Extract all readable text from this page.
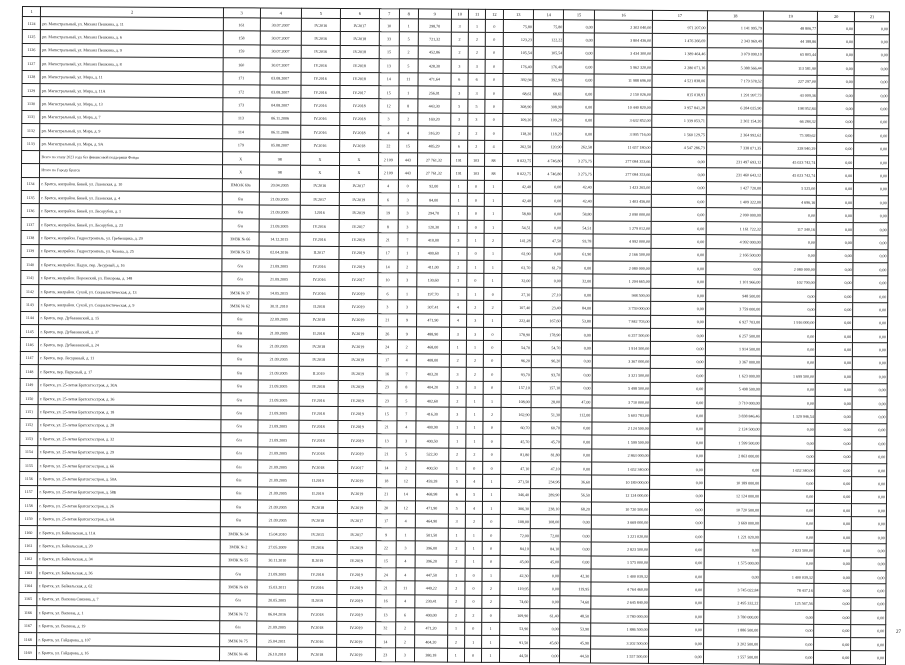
1	2	3	4	5	6	7	8	9	10	11	12	13	14	15	16	17	18	19	20	21
1124	рп. Магистральный, ул. Михаил Пешкина, д. 11	161	30.07.2007	IV.2016	IV.2017	10	1	298,70	3	1	0	75,80	75,80	0,00	2 302 040,00	971 207,00	1 141 995,79	48 806,77	0,00	0,00
1125	рп. Магистральный, ул. Михаил Пешкина, д. 6	158	30.07.2007	IV.2016	IV.2018	33	5	721,32	2	2	0	123,23	122,22	0,00	3 804 436,00	1 476 266,69	2 343 969,49	44 188,86	0,00	0,00
1126	рп. Магистральный, ул. Михаил Пешкина, д. 9	159	30.07.2007	IV.2016	IV.2018	15	2	452,86	2	2	0	105,54	105,54	0,00	3 434 300,00	1 389 464,46	3 079 090,10	65 805,44	0,00	0,00
1127	рп. Магистральный, ул. Михаил Пешкина, д. 8	160	30.07.2007	IV.2016	IV.2018	13	5	428,30	3	3	0	176,40	176,40	0,00	5 962 320,00	2 280 071,16	5 388 566,44	113 581,90	0,00	0,00
1128	рп. Магистральный, ул. Мира, д. 11	171	03.08.2007	IV.2016	IV.2018	14	11	471,64	6	6	0	392,94	392,94	0,00	11 988 696,00	4 521 838,06	7 179 578,52	227 297,00	0,00	0,00
1129	рп. Магистральный, ул. Мира, д. 11А	172	03.08.2007	IV.2016	IV.2017	15	1	256,01	3	3	0	68,61	68,61	0,00	2 150 026,00	815 018,91	1 291 997,73	43 009,36	0,00	0,00
1130	рп. Магистральный, ул. Мира, д. 13	173	04.08.2007	IV.2016	IV.2018	12	8	443,30	5	5	0	308,90	308,90	0,00	10 440 820,00	3 957 841,28	6 284 025,90	198 952,84	0,00	0,00
1131	рп. Магистральный, ул. Мира, д. 7	113	06.11.2006	IV.2016	IV.2018	3	2	169,20	3	3	0	109,20	109,20	0,00	3 632 852,00	1 339 053,71	2 302 154,20	66 284,32	0,00	0,00
1132	рп. Магистральный, ул. Мира, д. 9	114	06.11.2006	IV.2016	IV.2018	4	4	316,20	2	2	0	118,20	118,20	0,00	3 995 716,00	1 560 129,75	2 364 992,62	75 389,62	0,00	0,00
1133	рп. Магистральный, ул. Мира, д. 9А	179	05.08.2007	IV.2016	IV.2018	22	15	485,29	6	2	4	262,50	120,90	262,58	11 657 180,00	4 547 286,73	7 338 071,35	228 940,29	0,00	0,00
	Всего по этапу 2023 года без финансовой поддержки Фонда	Х	98	Х	Х	2 109	443	27 761,32	191	103	88	8 022,75	4 746,80	3 275,75	277 084 353,66	0,00	231 497 693,12	45 023 742,74	0,00	0,00
	Итого по Городу Братск	Х	98	Х	Х	2 109	443	27 761,32	191	103	88	8 022,75	4 746,80	3 275,75	277 084 353,66	0,00	231 460 643,12	45 023 742,74	0,00	0,00
1134	г. Братск, жилрайон. Бикей, ул. Лазовская, д. 10	ПМО/К 69а	20.04.2005	IV.2016	IV.2017	4	0	92,00	1	0	1	42,40	0,00	42,40	1 423 265,00	0,00	1 427 720,00	5 525,00	0,00	0,00
1135	г. Братск, жилрайон. Бикей, ул. Лазовская, д. 4	б/н	21.09.2005	IV.2017	IV.2019	6	3	84,00	1	0	1	42,40	0,00	42,40	1 403 456,00	0,00	1 409 322,00	4 696,16	0,00	0,00
1136	г. Братск, жилрайон. Бикей, ул. Лесорубов, д. 1	б/н	21.09.2005	I.2016	IV.2019	19	3	294,70	1	0	1	58,80	0,00	58,80	2 090 000,00	0,00	2 090 000,00	0,00	0,00	0,00
1137	г. Братск, жилрайон. Бикей, ул. Лесорубов, д. 23	б/н	21.09.2005	IV.2016	IV.2017	8	3	120,30	1	0	1	54,51	0,00	54,51	1 279 012,00	0,00	1 161 722,32	117 340,16	0,00	0,00
1138	г. Братск, жилрайон. Гидростроитель, ул. Гребенщика, д. 29	ЗМЗК № 66	14.12.2015	IV.2016	IV.2019	21	7	410,00	3	1	2	141,28	47,50	93,78	4 992 000,00	0,00	4 992 000,00	0,00	0,00	0,00
1139	г. Братск, жилрайон. Гидростроитель, ул. Чехова, д. 25	ЗМЗК № 53	02.04.2016	II.2017	IV.2019	17	1	400,60	1	0	1	61,90	0,00	61,90	2 166 500,00	0,00	2 166 500,00	0,00	0,00	0,00
1140	г. Братск, жилрайон. Падун, пер. Лесурный, д. 16	б/н	21.09.2005	IV.2016	IV.2019	14	2	411,00	2	1	1	61,70	61,70	0,00	2 080 000,00	0,00	0,00	2 080 000,00	0,00	0,00
1141	г. Братск, жилрайон. Порожский, ул. Пихорова, д. 148	б/н	21.09.2005	IV.2016	IV.2017	10	3	130,60	1	0	1	32,00	0,00	32,00	1 204 665,00	0,00	1 101 966,00	102 700,00	0,00	0,00
1142	г. Братск, жилрайон. Сухой, ул. Социалистическая, д. 13	ЗМЗК № 37	14.05.2015	IV.2016	IV.2019	6	1	197,70	1	1	0	27,10	27,10	0,00	948 500,00	0,00	948 500,00	0,00	0,00	0,00
1143	г. Братск, жилрайон. Сухой, ул. Социалистическая, д. 9	ЗМЗК № 62	30.11.2010	II.2018	IV.2019	3	3	307,41	4	2	2	107,40	23,40	84,00	3 759 000,00	0,00	3 759 000,00	0,00	0,00	0,00
1144	г. Братск, пер. Дубынинский, д. 15	б/н	22.09.2005	IV.2018	IV.2019	21	9	471,90	4	3	1	222,40	167,60	53,80	7 842 703,00	0,00	6 927 703,00	1 916 000,00	0,00	0,00
1145	г. Братск, пер. Дубынинский, д. 37	б/н	21.09.2005	II.2018	IV.2019	26	9	488,90	3	3	0	178,90	178,90	0,00	6 257 500,00	0,00	6 257 500,00	0,00	0,00	0,00
1146	г. Братск, пер. Дубынинский, д. 24	б/н	21.09.2005	IV.2018	IV.2019	24	2	468,00	1	1	0	54,70	54,70	0,00	1 914 500,00	0,00	1 914 500,00	0,00	0,00	0,00
1147	г. Братск, пер. Лесуриный, д. 11	б/н	21.09.2005	IV.2018	IV.2019	17	4	408,00	2	2	0	96,20	96,20	0,00	3 367 000,00	0,00	3 367 000,00	0,00	0,00	0,00
1148	г. Братск, пер. Парусный, д. 17	б/н	21.09.2005	II.2019	IV.2019	16	7	403,20	3	2	0	93,70	93,70	0,00	3 321 500,00	0,00	1 623 000,00	1 699 500,00	0,00	0,00
1149	г. Братск, ул. 25-летия Братскгэсстроя, д. 30А	б/н	21.09.2005	IV.2018	IV.2019	23	8	404,20	3	3	0	157,10	157,10	0,00	5 498 500,00	0,00	5 498 500,00	0,00	0,00	0,00
1150	г. Братск, ул. 25-летия Братскгэсстроя, д. 36	б/н	21.09.2005	IV.2016	IV.2019	23	5	402,60	2	1	1	108,00	28,00	47,00	3 710 000,00	0,00	3 710 000,00	0,00	0,00	0,00
1151	г. Братск, ул. 25-летия Братскгэсстроя, д. 18	б/н	21.09.2005	IV.2018	IV.2019	15	7	416,30	3	1	2	162,90	51,30	112,00	5 603 783,00	0,00	3 838 846,46	1 329 946,54	0,00	0,00
1152	г. Братск, ул. 25-летия Братскгэсстроя, д. 28	б/н	21.09.2005	IV.2018	IV.2019	21	4	400,90	1	1	0	60,70	60,70	0,00	2 124 500,00	0,00	2 124 500,00	0,00	0,00	0,00
1153	г. Братск, ул. 25-летия Братскгэсстроя, д. 32	б/н	21.09.2005	IV.2018	IV.2019	13	3	400,50	1	1	0	45,70	45,70	0,00	1 599 500,00	0,00	1 599 500,00	0,00	0,00	0,00
1154	г. Братск, ул. 25-летия Братскгэсстроя, д. 29	б/н	21.09.2005	IV.2018	IV.2019	21	5	522,30	2	2	0	81,80	81,80	0,00	2 863 000,00	0,00	2 863 000,00	0,00	0,00	0,00
1155	г. Братск, ул. 25-летия Братскгэсстроя, д. 66	б/н	21.09.2005	IV.2018	IV.2017	14	2	400,50	1	0	0	47,10	47,10	0,00	1 652 340,00	0,00	0,00	1 652 340,00	0,00	0,00
1156	г. Братск, ул. 25-летия Братскгэсстроя, д. 50А	б/н	21.09.2005	II.2019	IV.2019	18	12	459,28	5	4	1	271,50	234,96	36,60	10 189 000,00	0,00	10 189 000,00	0,00	0,00	0,00
1157	г. Братск, ул. 25-летия Братскгэсстроя, д. 58Б	б/н	21.09.2005	II.2019	IV.2019	21	14	468,98	6	5	1	346,40	289,90	56,50	12 124 000,00	0,00	12 124 000,00	0,00	0,00	0,00
1158	г. Братск, ул. 25-летия Братскгэсстроя, д. 26	б/н	21.09.2005	IV.2018	IV.2019	20	12	471,90	5	4	1	306,30	238,10	68,20	10 720 500,00	0,00	10 720 500,00	0,00	0,00	0,00
1159	г. Братск, ул. 25-летия Братскгэсстроя, д. 6А	б/н	21.09.2005	IV.2018	IV.2017	17	4	464,90	3	2	0	108,00	108,00	0,00	3 669 000,00	0,00	3 669 000,00	0,00	0,00	0,00
1160	г. Братск, ул. Байкальская, д. 11А	ЗМЗК № 34	15.04.2010	IV.2015	IV.2017	9	1	501,50	1	1	0	72,00	72,00	0,00	1 221 020,00	0,00	1 221 020,00	0,00	0,00	0,00
1161	г. Братск, ул. Байкальская, д. 20	ЗМЗК № 2	27.05.2009	IV.2016	IV.2019	22	3	396,00	2	1	0	84,10	84,10	0,00	2 823 500,00	0,00	0,00	2 823 500,00	0,00	0,00
1162	г. Братск, ул. Байкальская, д. 34	ЗМЗК № 55	30.11.2010	II.2019	IV.2019	15	4	396,20	2	1	0	45,00	45,00	0,00	1 575 000,00	0,00	1 575 000,00	0,00	0,00	0,00
1163	г. Братск, ул. Байкальская, д. 36	б/н	21.09.2005	IV.2018	IV.2019	24	4	447,50	1	0	1	42,30	0,00	42,30	1 400 039,32	0,00	0,00	1 400 039,32	0,00	0,00
1164	г. Братск, ул. Байкальская, д. 62	ЗМЗК № 69	15.03.2011	IV.2016	IV.2019	21	11	449,22	2	0	2	119,95	0,00	119,95	4 764 460,00	0,00	3 745 022,84	78 437,16	0,00	0,00
1165	г. Братск, ул. Васкина Связина, д. 7	б/н	20.05.2005	II.2019	IV.2019	16	4	230,41	2	0	2	74,60	0,00	74,60	2 645 840,00	0,00	2 495 332,22	125 567,56	0,00	0,00
1166	г. Братск, ул. Васкина, д. 1	ЗМЗК № 72	06.04.2016	IV.2018	IV.2019	13	6	400,00	2	2	0	109,90	61,40	48,50	3 780 000,00	0,00	3 780 000,00	0,00	0,00	0,00
1167	г. Братск, ул. Васкина, д. 19	б/н	21.09.2005	IV.2018	IV.2019	32	2	471,20	1	0	1	53,90	0,00	53,90	1 886 500,00	0,00	1 886 500,00	0,00	0,00	0,00
1168	г. Братск, ул. Гайдарова, д. 107	ЗМЗК № 75	25.04.2011	IV.2016	IV.2019	14	2	404,20	2	1	1	91,50	45,60	45,90	3 202 500,00	0,00	3 202 500,00	0,00	0,00	0,00
1169	г. Братск, ул. Гайдарова, д. 16	ЗМЗК № 46	26.10.2010	IV.2018	IV.2019	23	3	380,18	1	0	1	44,50	0,00	44,50	1 557 500,00	0,00	1 557 500,00	0,00	0,00	0,00
27
